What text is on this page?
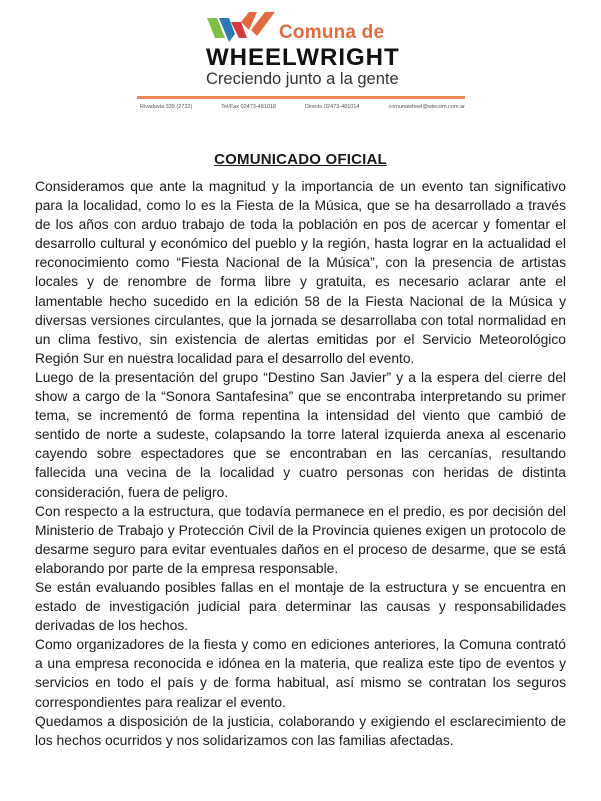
Comuna de
WHEELWRIGHT
Creciendo junto a la gente
Rivadavia 339 (2722)	Tel/Fax 02473-481018	Directo 02473-481014	comunawheel@wiecom.com.ar
COMUNICADO OFICIAL

Consideramos que ante la magnitud y la importancia de un evento tan significativo para la localidad, como lo es la Fiesta de la Música, que se ha desarrollado a través de los años con arduo trabajo de toda la población en pos de acercar y fomentar el desarrollo cultural y económico del pueblo y la región, hasta lograr en la actualidad el reconocimiento como “Fiesta Nacional de la Música”, con la presencia de artistas locales y de renombre de forma libre y gratuita, es necesario aclarar ante el lamentable hecho sucedido en la edición 58 de la Fiesta Nacional de la Música y diversas versiones circulantes, que la jornada se desarrollaba con total normalidad en un clima festivo, sin existencia de alertas emitidas por el Servicio Meteorológico Región Sur en nuestra localidad para el desarrollo del evento.

Luego de la presentación del grupo “Destino San Javier” y a la espera del cierre del show a cargo de la “Sonora Santafesina” que se encontraba interpretando su primer tema, se incrementó de forma repentina la intensidad del viento que cambió de sentido de norte a sudeste, colapsando la torre lateral izquierda anexa al escenario cayendo sobre espectadores que se encontraban en las cercanías, resultando fallecida una vecina de la localidad y cuatro personas con heridas de distinta consideración, fuera de peligro.

Con respecto a la estructura, que todavía permanece en el predio, es por decisión del Ministerio de Trabajo y Protección Civil de la Provincia quienes exigen un protocolo de desarme seguro para evitar eventuales daños en el proceso de desarme, que se está elaborando por parte de la empresa responsable.

Se están evaluando posibles fallas en el montaje de la estructura y se encuentra en estado de investigación judicial para determinar las causas y responsabilidades derivadas de los hechos.

Como organizadores de la fiesta y como en ediciones anteriores, la Comuna contrató a una empresa reconocida e idónea en la materia, que realiza este tipo de eventos y servicios en todo el país y de forma habitual, así mismo se contratan los seguros correspondientes para realizar el evento.

Quedamos a disposición de la justicia, colaborando y exigiendo el esclarecimiento de los hechos ocurridos y nos solidarizamos con las familias afectadas.
